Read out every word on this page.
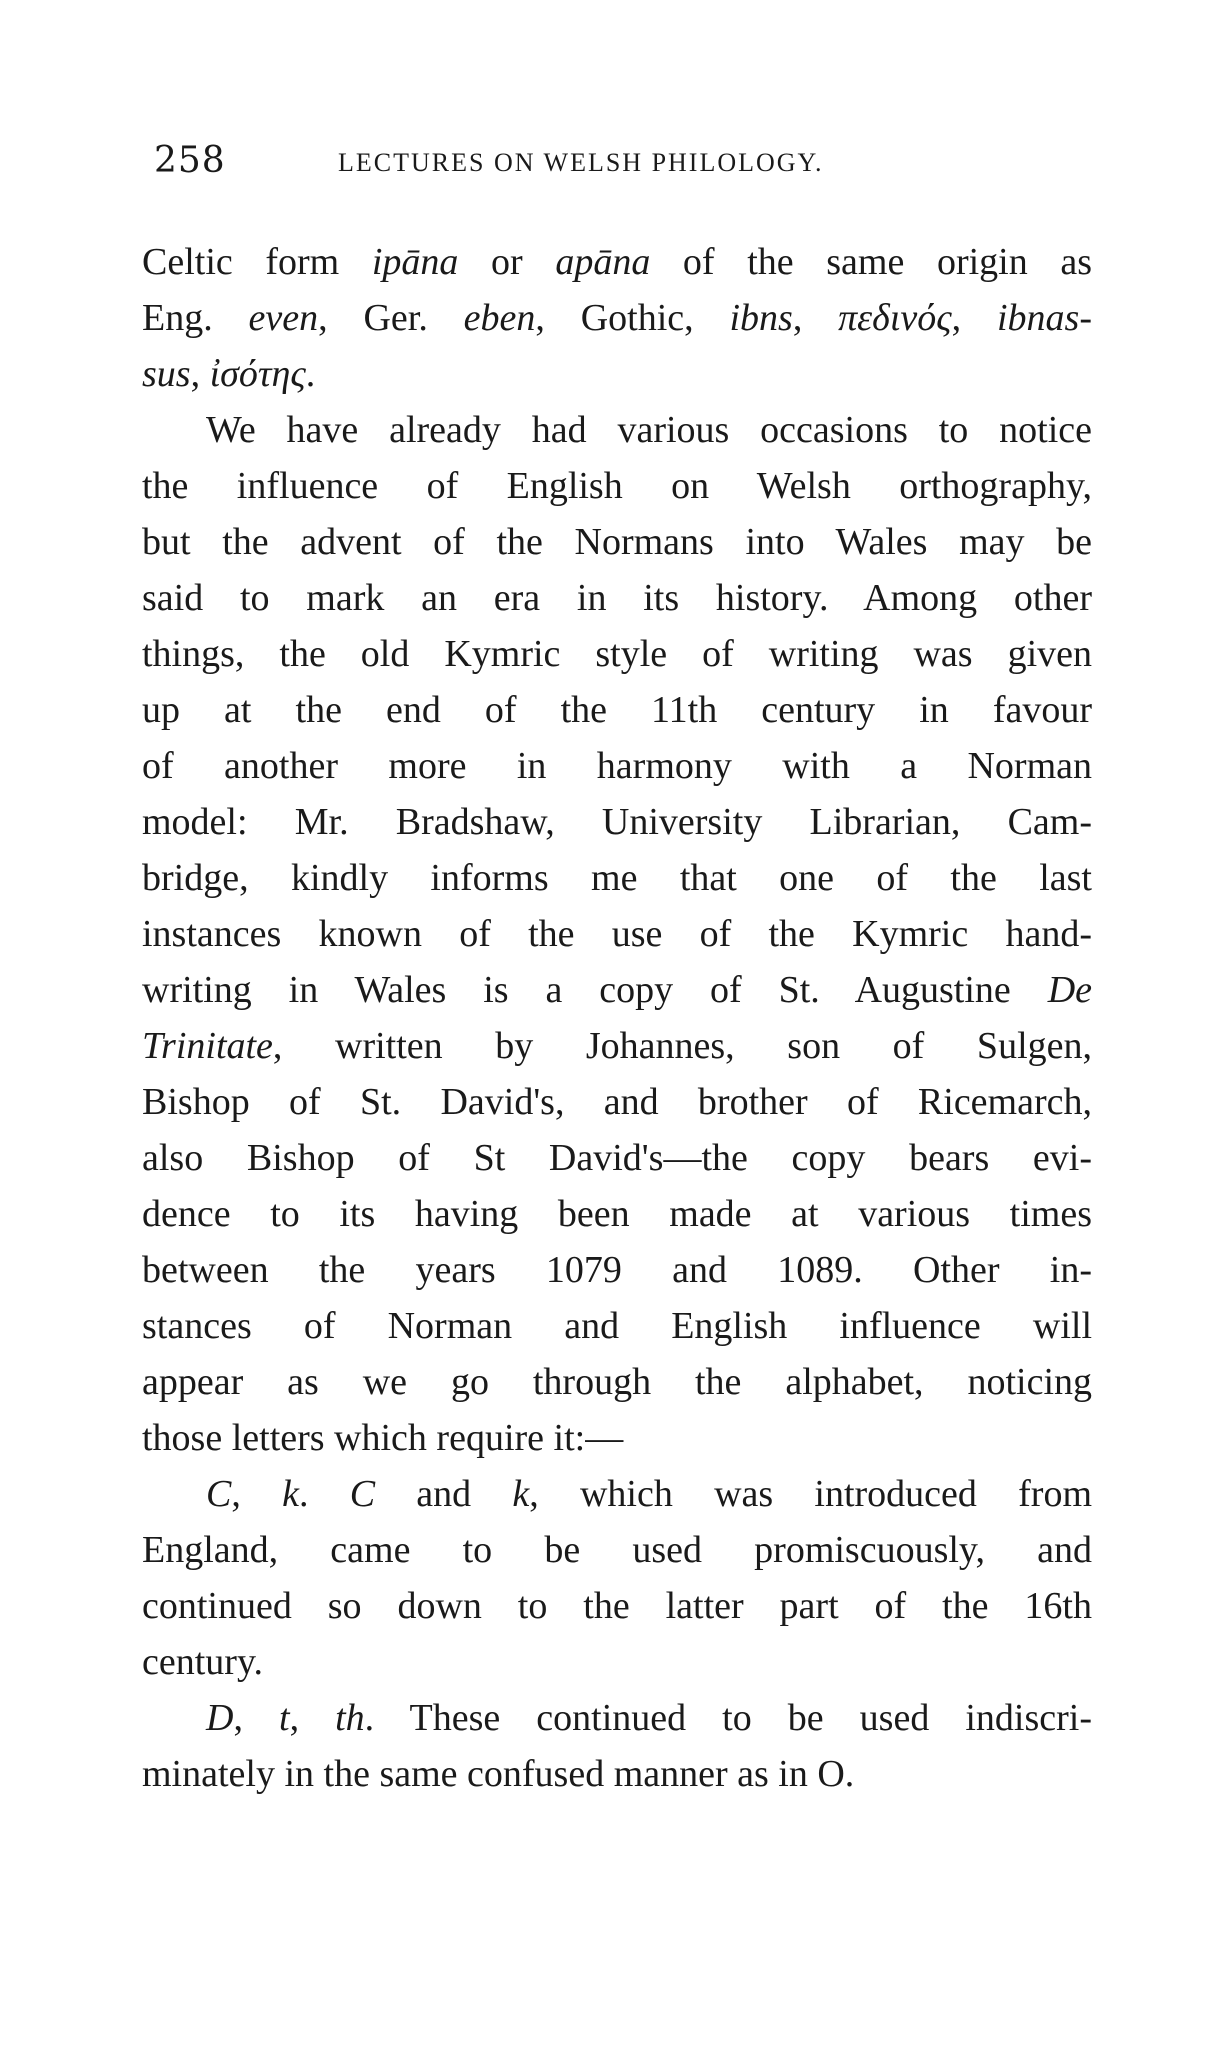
258	LECTURES ON WELSH PHILOLOGY.
Celtic form ipāna or apāna of the same origin as
Eng. even, Ger. eben, Gothic, ibns, πεδινός, ibnas-
sus, ἰσότης.
We have already had various occasions to notice
the influence of English on Welsh orthography,
but the advent of the Normans into Wales may be
said to mark an era in its history. Among other
things, the old Kymric style of writing was given
up at the end of the 11th century in favour
of another more in harmony with a Norman
model: Mr. Bradshaw, University Librarian, Cam-
bridge, kindly informs me that one of the last
instances known of the use of the Kymric hand-
writing in Wales is a copy of St. Augustine De
Trinitate, written by Johannes, son of Sulgen,
Bishop of St. David's, and brother of Ricemarch,
also Bishop of St David's—the copy bears evi-
dence to its having been made at various times
between the years 1079 and 1089. Other in-
stances of Norman and English influence will
appear as we go through the alphabet, noticing
those letters which require it:—
C, k. C and k, which was introduced from
England, came to be used promiscuously, and
continued so down to the latter part of the 16th
century.
D, t, th. These continued to be used indiscri-
minately in the same confused manner as in O.
